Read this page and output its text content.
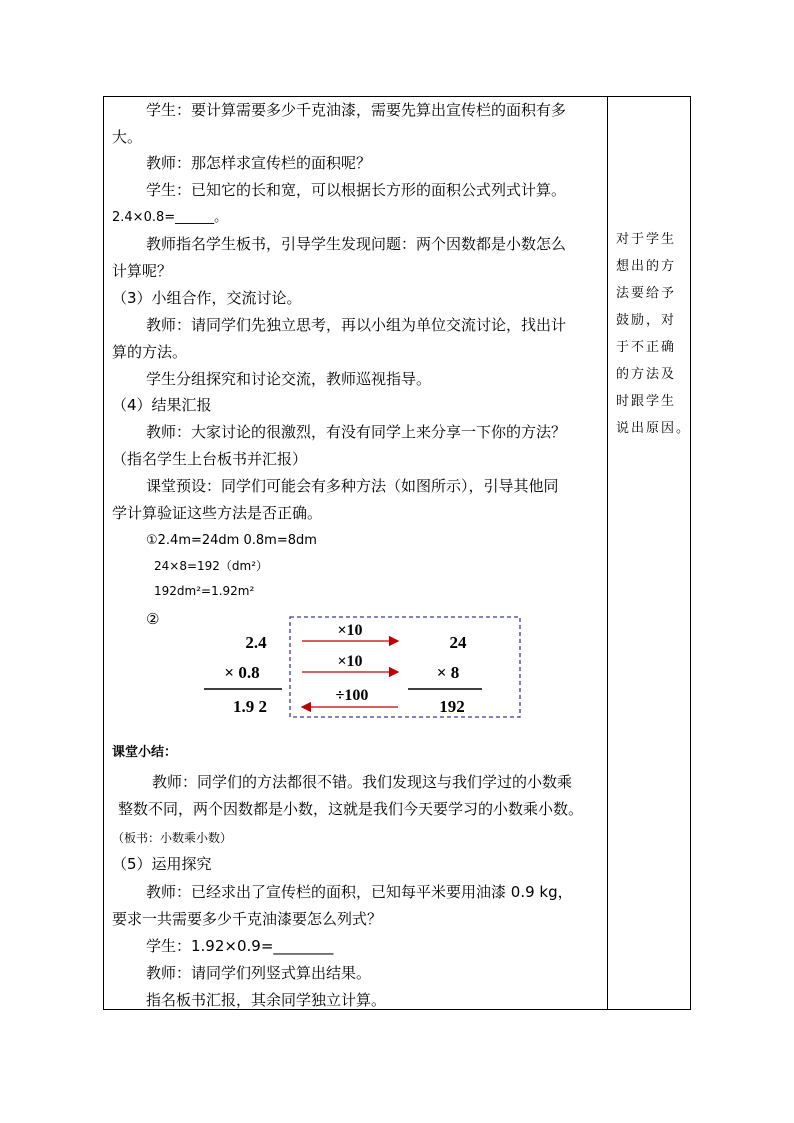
学生：要计算需要多少千克油漆，需要先算出宣传栏的面积有多
大。
教师：那怎样求宣传栏的面积呢？
学生：已知它的长和宽，可以根据长方形的面积公式列式计算。
2.4×0.8=______。
教师指名学生板书，引导学生发现问题：两个因数都是小数怎么
计算呢？
（3）小组合作，交流讨论。
教师：请同学们先独立思考，再以小组为单位交流讨论，找出计
算的方法。
学生分组探究和讨论交流，教师巡视指导。
（4）结果汇报
教师：大家讨论的很激烈，有没有同学上来分享一下你的方法？
（指名学生上台板书并汇报）
课堂预设：同学们可能会有多种方法（如图所示），引导其他同
学计算验证这些方法是否正确。
①2.4m=24dm 0.8m=8dm
24×8=192（dm²）
192dm²=1.92m²
②
课堂小结：
教师：同学们的方法都很不错。我们发现这与我们学过的小数乘
整数不同，两个因数都是小数，这就是我们今天要学习的小数乘小数。
（板书：小数乘小数）
（5）运用探究
教师：已经求出了宣传栏的面积，已知每平米要用油漆 0.9 kg，
要求一共需要多少千克油漆要怎么列式？
学生：1.92×0.9=________
教师：请同学们列竖式算出结果。
指名板书汇报，其余同学独立计算。
对于学生
想出的方
法要给予
鼓励，对
于不正确
的方法及
时跟学生
说出原因。
2.4
× 0.8
1.9 2
×10
×10
÷100
24
× 8
192
